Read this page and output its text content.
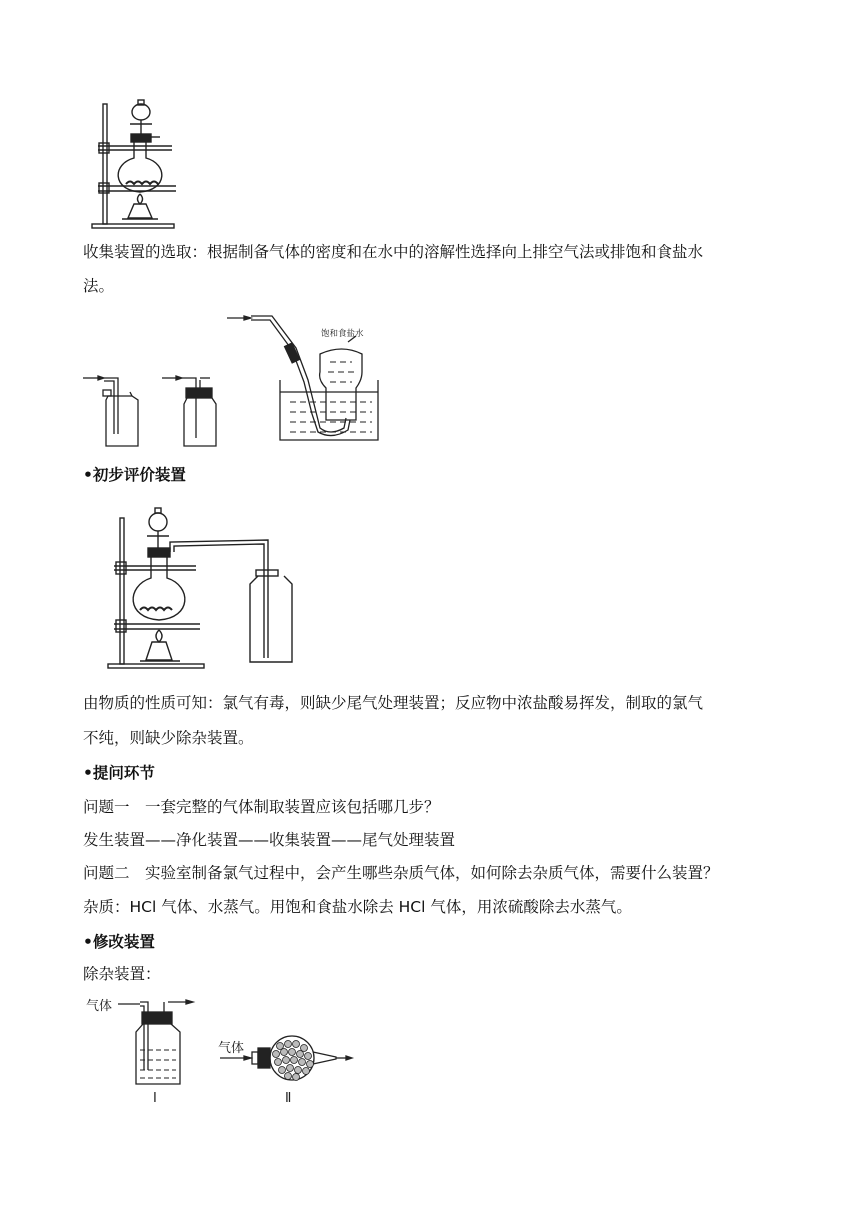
收集装置的选取：根据制备气体的密度和在水中的溶解性选择向上排空气法或排饱和食盐水
法。
饱和食盐水
•初步评价装置
由物质的性质可知：氯气有毒，则缺少尾气处理装置；反应物中浓盐酸易挥发，制取的氯气
不纯，则缺少除杂装置。
•提问环节
问题一　一套完整的气体制取装置应该包括哪几步？
发生装置——净化装置——收集装置——尾气处理装置
问题二　实验室制备氯气过程中，会产生哪些杂质气体，如何除去杂质气体，需要什么装置？
杂质：HCl 气体、水蒸气。用饱和食盐水除去 HCl 气体，用浓硫酸除去水蒸气。
•修改装置
除杂装置：
气体
气体
Ⅰ	Ⅱ
